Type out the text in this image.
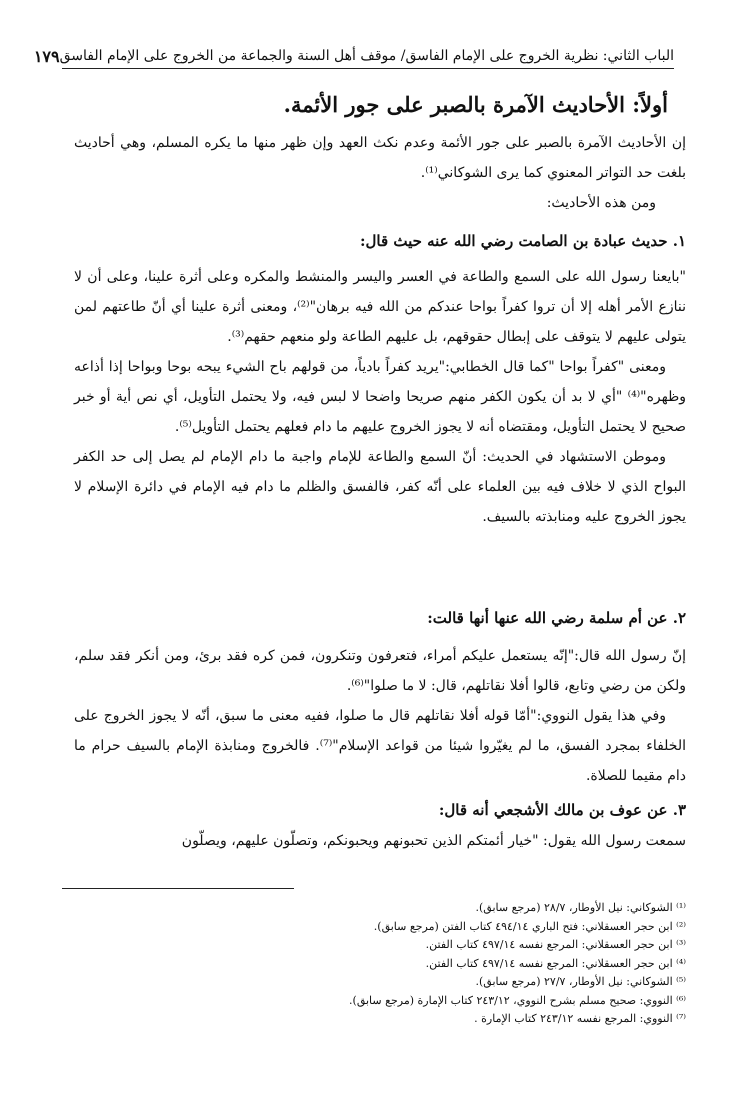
الباب الثاني: نظرية الخروج على الإمام الفاسق/ موقف أهل السنة والجماعة من الخروج على الإمام الفاسق
١٧٩
أولاً: الأحاديث الآمرة بالصبر على جور الأئمة.

إن الأحاديث الآمرة بالصبر على جور الأئمة وعدم نكث العهد وإن ظهر منها ما يكره المسلم، وهي أحاديث بلغت حد التواتر المعنوي كما يرى الشوكاني⁽¹⁾.

ومن هذه الأحاديث:

١. حديث عبادة بن الصامت رضي الله عنه حيث قال:

"بايعنا رسول الله على السمع والطاعة في العسر واليسر والمنشط والمكره وعلى أثرة علينا، وعلى أن لا ننازع الأمر أهله إلا أن تروا كفراً بواحا عندكم من الله فيه برهان"⁽²⁾، ومعنى أثرة علينا أي أنّ طاعتهم لمن يتولى عليهم لا يتوقف على إبطال حقوقهم، بل عليهم الطاعة ولو منعهم حقهم⁽³⁾.

ومعنى "كفراً بواحا "كما قال الخطابي:"يريد كفراً بادياً، من قولهم باح الشيء يبحه بوحا وبواحا إذا أذاعه وظهره"⁽⁴⁾ "أي لا بد أن يكون الكفر منهم صريحا واضحا لا لبس فيه، ولا يحتمل التأويل، أي نص أية أو خبر صحيح لا يحتمل التأويل، ومقتضاه أنه لا يجوز الخروج عليهم ما دام فعلهم يحتمل التأويل⁽⁵⁾.

وموطن الاستشهاد في الحديث: أنّ السمع والطاعة للإمام واجبة ما دام الإمام لم يصل إلى حد الكفر البواح الذي لا خلاف فيه بين العلماء على أنّه كفر، فالفسق والظلم ما دام فيه الإمام في دائرة الإسلام لا يجوز الخروج عليه ومنابذته بالسيف.

٢. عن أم سلمة رضي الله عنها أنها قالت:

إنّ رسول الله قال:"إنّه يستعمل عليكم أمراء، فتعرفون وتنكرون، فمن كره فقد برئ، ومن أنكر فقد سلم، ولكن من رضي وتابع، قالوا أفلا نقاتلهم، قال: لا ما صلوا"⁽⁶⁾.

وفي هذا يقول النووي:"أمّا قوله أفلا نقاتلهم قال ما صلوا، ففيه معنى ما سبق، أنّه لا يجوز الخروج على الخلفاء بمجرد الفسق، ما لم يغيّروا شيئا من قواعد الإسلام"⁽⁷⁾. فالخروج ومنابذة الإمام بالسيف حرام ما دام مقيما للصلاة.

٣. عن عوف بن مالك الأشجعي أنه قال:

سمعت رسول الله يقول: "خيار أئمتكم الذين تحبونهم ويحبونكم، وتصلّون عليهم، ويصلّون

⁽¹⁾ الشوكاني: نيل الأوطار، ٢٨/٧ (مرجع سابق).
⁽²⁾ ابن حجر العسقلاني: فتح الباري ٤٩٤/١٤ كتاب الفتن (مرجع سابق).
⁽³⁾ ابن حجر العسقلاني: المرجع نفسه ٤٩٧/١٤ كتاب الفتن.
⁽⁴⁾ ابن حجر العسقلاني: المرجع نفسه ٤٩٧/١٤ كتاب الفتن.
⁽⁵⁾ الشوكاني: نيل الأوطار، ٢٧/٧ (مرجع سابق).
⁽⁶⁾ النووي: صحيح مسلم بشرح النووي، ٢٤٣/١٢ كتاب الإمارة (مرجع سابق).
⁽⁷⁾ النووي: المرجع نفسه ٢٤٣/١٢ كتاب الإمارة .
